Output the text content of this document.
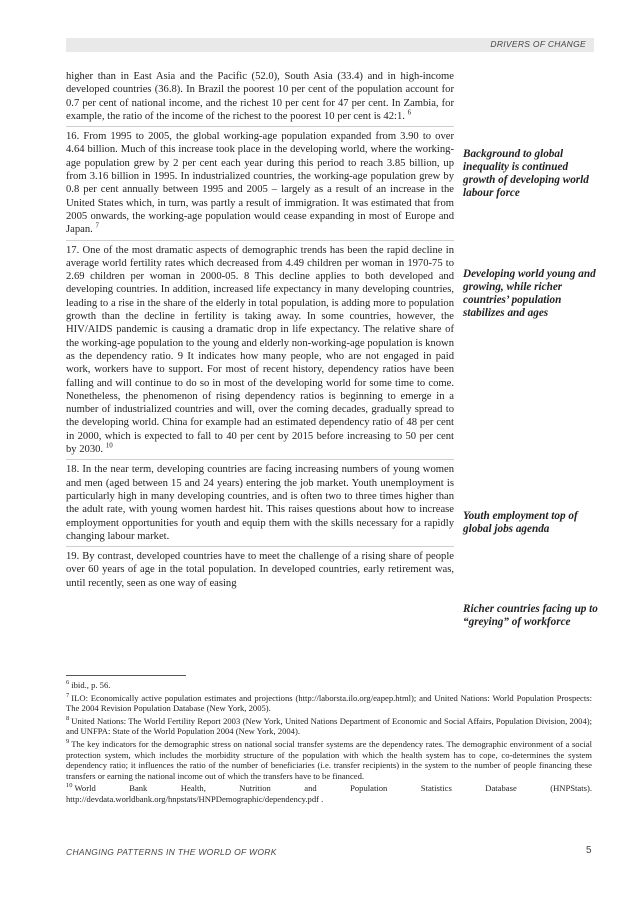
DRIVERS OF CHANGE

higher than in East Asia and the Pacific (52.0), South Asia (33.4) and in high-income developed countries (36.8). In Brazil the poorest 10 per cent of the population account for 0.7 per cent of national income, and the richest 10 per cent for 47 per cent. In Zambia, for example, the ratio of the income of the richest to the poorest 10 per cent is 42:1. $^6$

16. From 1995 to 2005, the global working-age population expanded from 3.90 to over 4.64 billion. Much of this increase took place in the developing world, where the working-age population grew by 2 per cent each year during this period to reach 3.85 billion, up from 3.16 billion in 1995. In industrialized countries, the working-age population grew by 0.8 per cent annually between 1995 and 2005 – largely as a result of an increase in the United States which, in turn, was partly a result of immigration. It was estimated that from 2005 onwards, the working-age population would cease expanding in most of Europe and Japan. $^7$

17. One of the most dramatic aspects of demographic trends has been the rapid decline in average world fertility rates which decreased from 4.49 children per woman in 1970-75 to 2.69 children per woman in 2000-05. 8 This decline applies to both developed and developing countries. In addition, increased life expectancy in many developing countries, leading to a rise in the share of the elderly in total population, is adding more to population growth than the decline in fertility is taking away. In some countries, however, the HIV/AIDS pandemic is causing a dramatic drop in life expectancy. The relative share of the working-age population to the young and elderly non-working-age population is known as the dependency ratio. 9 It indicates how many people, who are not engaged in paid work, workers have to support. For most of recent history, dependency ratios have been falling and will continue to do so in most of the developing world for some time to come. Nonetheless, the phenomenon of rising dependency ratios is beginning to emerge in a number of industrialized countries and will, over the coming decades, gradually spread to the developing world. China for example had an estimated dependency ratio of 48 per cent in 2000, which is expected to fall to 40 per cent by 2015 before increasing to 50 per cent by 2030. $^{10}$

18. In the near term, developing countries are facing increasing numbers of young women and men (aged between 15 and 24 years) entering the job market. Youth unemployment is particularly high in many developing countries, and is often two to three times higher than the adult rate, with young women hardest hit. This raises questions about how to increase employment opportunities for youth and equip them with the skills necessary for a rapidly changing labour market.

19. By contrast, developed countries have to meet the challenge of a rising share of people over 60 years of age in the total population. In developed countries, early retirement was, until recently, seen as one way of easing

Background to global inequality is continued growth of developing world labour force
Developing world young and growing, while richer countries’ population stabilizes and ages
Youth employment top of global jobs agenda
Richer countries facing up to “greying” of workforce

$^6$ ibid., p. 56.

$^7$ ILO: Economically active population estimates and projections (http://laborsta.ilo.org/eapep.html); and United Nations: World Population Prospects: The 2004 Revision Population Database (New York, 2005).

$^8$ United Nations: The World Fertility Report 2003 (New York, United Nations Department of Economic and Social Affairs, Population Division, 2004); and UNFPA: State of the World Population 2004 (New York, 2004).

$^9$ The key indicators for the demographic stress on national social transfer systems are the dependency rates. The demographic environment of a social protection system, which includes the morbidity structure of the population with which the health system has to cope, co-determines the system dependency ratio; it influences the ratio of the number of beneficiaries (i.e. transfer recipients) in the system to the number of people financing these transfers or earning the national income out of which the transfers have to be financed.

$^{10}$ World Bank Health, Nutrition and Population Statistics Database (HNPStats). http://devdata.worldbank.org/hnpstats/HNPDemographic/dependency.pdf .

CHANGING PATTERNS IN THE WORLD OF WORK	5
